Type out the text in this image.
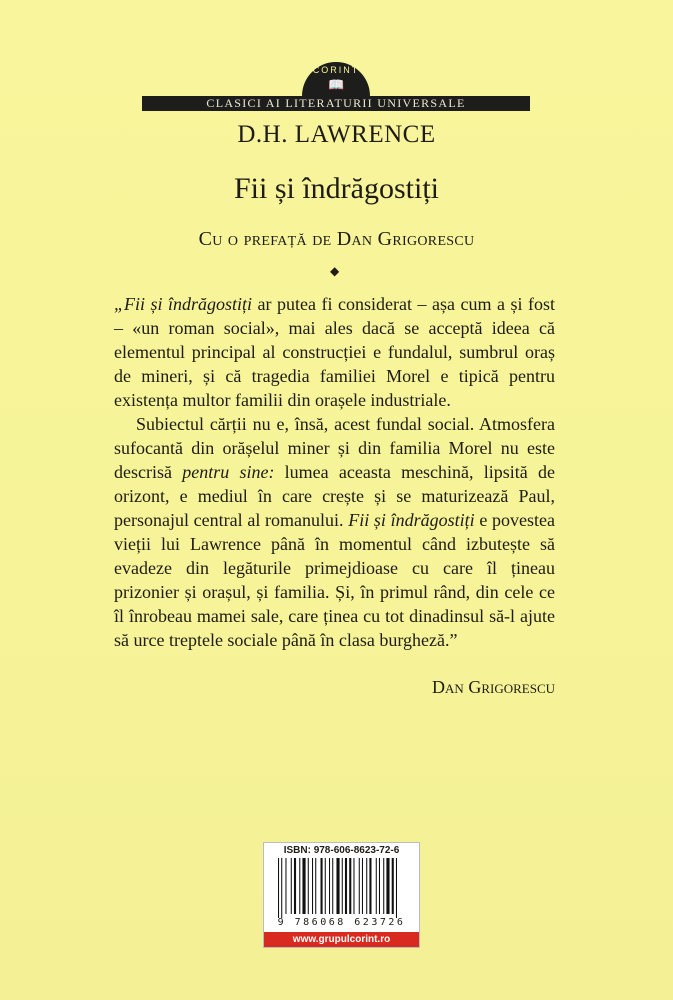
CORINT
📖
CLASICI AI LITERATURII UNIVERSALE
D.H. LAWRENCE
Fii și îndrăgostiți
Cu o prefață de Dan Grigorescu
◆

„Fii și îndrăgostiți ar putea fi considerat – așa cum a și fost – «un roman social», mai ales dacă se acceptă ideea că elementul principal al construcției e fundalul, sumbrul oraș de mineri, și că tragedia familiei Morel e tipică pentru existența multor familii din orașele industriale.

Subiectul cărții nu e, însă, acest fundal social. Atmosfera sufocantă din orășelul miner și din familia Morel nu este descrisă pentru sine: lumea aceasta meschină, lipsită de orizont, e mediul în care crește și se maturizează Paul, personajul central al romanului. Fii și îndrăgostiți e povestea vieții lui Lawrence până în momentul când izbutește să evadeze din legăturile primejdioase cu care îl țineau prizonier și orașul, și familia. Și, în primul rând, din cele ce îl înrobeau mamei sale, care ținea cu tot dinadinsul să-l ajute să urce treptele sociale până în clasa burgheză.”

Dan Grigorescu
ISBN: 978-606-8623-72-6
9 786068 623726
www.grupulcorint.ro
